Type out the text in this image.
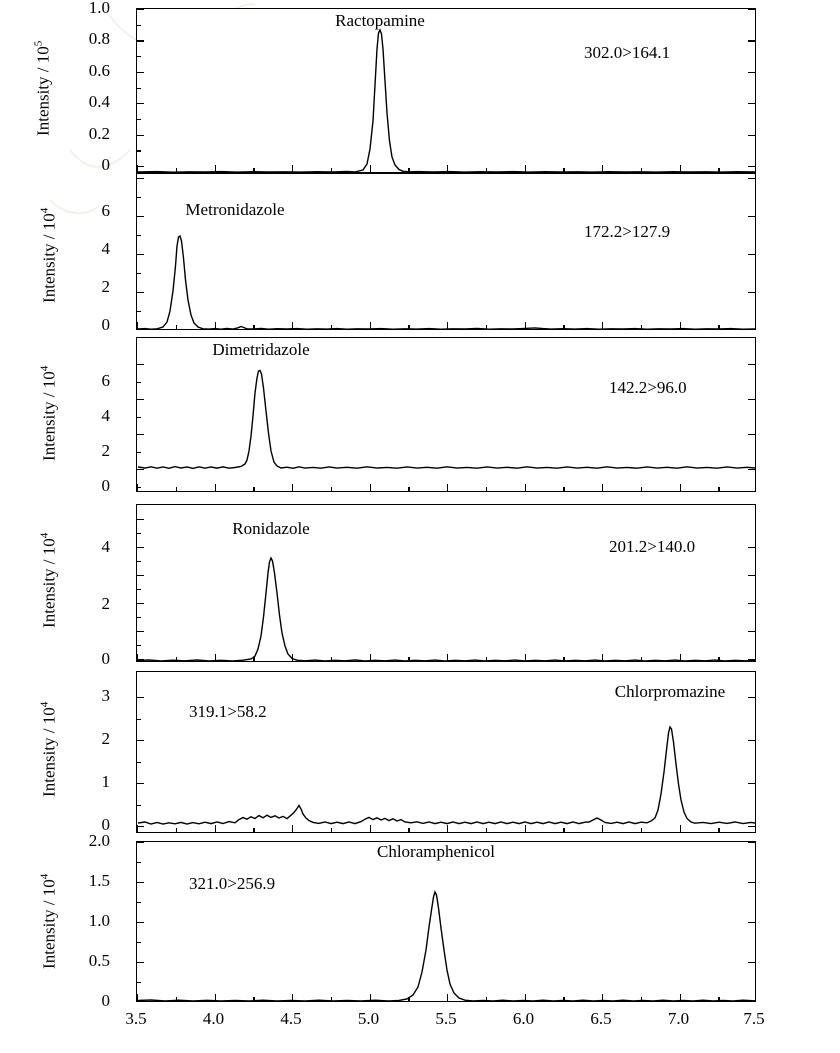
Intensity / $10^5$
1.0
0.8
0.6
0.4
0.2
0
Ractopamine
302.0>164.1
Intensity / $10^4$	6
4
2
0
Metronidazole
172.2>127.9
Intensity / $10^4$
6
4
2
0
Dimetridazole
142.2>96.0
Intensity / $10^4$
4
2
0
Ronidazole
201.2>140.0
Intensity / $10^4$	3
2
1
0
Chlorpromazine
319.1>58.2
Intensity / $10^4$
2.0
1.5
1.0
0.5
0
Chloramphenicol
321.0>256.9
3.5	4.0	4.5	5.0	5.5	6.0	6.5	7.0	7.5
